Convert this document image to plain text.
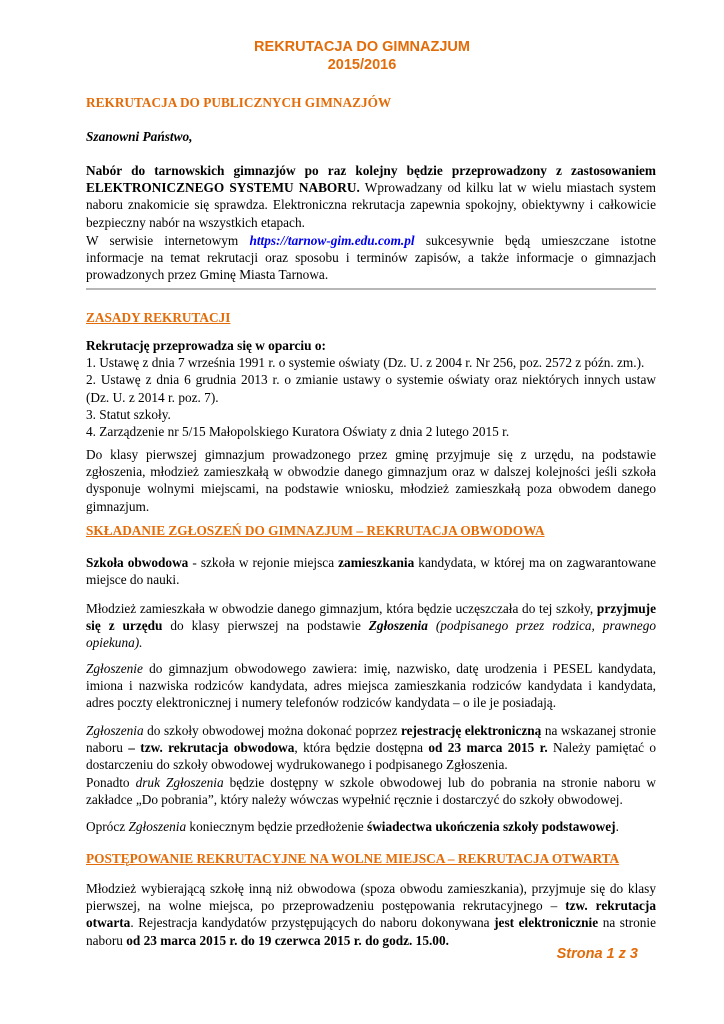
REKRUTACJA DO GIMNAZJUM
2015/2016
REKRUTACJA DO PUBLICZNYCH GIMNAZJÓW
Szanowni Państwo,

Nabór do tarnowskich gimnazjów po raz kolejny będzie przeprowadzony z zastosowaniem ELEKTRONICZNEGO SYSTEMU NABORU. Wprowadzany od kilku lat w wielu miastach system naboru znakomicie się sprawdza. Elektroniczna rekrutacja zapewnia spokojny, obiektywny i całkowicie bezpieczny nabór na wszystkich etapach.

W serwisie internetowym https://tarnow-gim.edu.com.pl sukcesywnie będą umieszczane istotne informacje na temat rekrutacji oraz sposobu i terminów zapisów, a także informacje o gimnazjach prowadzonych przez Gminę Miasta Tarnowa.

ZASADY REKRUTACJI
Rekrutację przeprowadza się w oparciu o:
1. Ustawę z dnia 7 września 1991 r. o systemie oświaty (Dz. U. z 2004 r. Nr 256, poz. 2572 z późn. zm.).
2. Ustawę z dnia 6 grudnia 2013 r. o zmianie ustawy o systemie oświaty oraz niektórych innych ustaw (Dz. U. z 2014 r. poz. 7).
3. Statut szkoły.
4. Zarządzenie nr 5/15 Małopolskiego Kuratora Oświaty z dnia 2 lutego 2015 r.

Do klasy pierwszej gimnazjum prowadzonego przez gminę przyjmuje się z urzędu, na podstawie zgłoszenia, młodzież zamieszkałą w obwodzie danego gimnazjum oraz w dalszej kolejności jeśli szkoła dysponuje wolnymi miejscami, na podstawie wniosku, młodzież zamieszkałą poza obwodem danego gimnazjum.

SKŁADANIE ZGŁOSZEŃ DO GIMNAZJUM – REKRUTACJA OBWODOWA

Szkoła obwodowa - szkoła w rejonie miejsca zamieszkania kandydata, w której ma on zagwarantowane miejsce do nauki.

Młodzież zamieszkała w obwodzie danego gimnazjum, która będzie uczęszczała do tej szkoły, przyjmuje się z urzędu do klasy pierwszej na podstawie Zgłoszenia (podpisanego przez rodzica, prawnego opiekuna).

Zgłoszenie do gimnazjum obwodowego zawiera: imię, nazwisko, datę urodzenia i PESEL kandydata, imiona i nazwiska rodziców kandydata, adres miejsca zamieszkania rodziców kandydata i kandydata, adres poczty elektronicznej i numery telefonów rodziców kandydata – o ile je posiadają.

Zgłoszenia do szkoły obwodowej można dokonać poprzez rejestrację elektroniczną na wskazanej stronie naboru – tzw. rekrutacja obwodowa, która będzie dostępna od 23 marca 2015 r. Należy pamiętać o dostarczeniu do szkoły obwodowej wydrukowanego i podpisanego Zgłoszenia.

Ponadto druk Zgłoszenia będzie dostępny w szkole obwodowej lub do pobrania na stronie naboru w zakładce „Do pobrania”, który należy wówczas wypełnić ręcznie i dostarczyć do szkoły obwodowej.

Oprócz Zgłoszenia koniecznym będzie przedłożenie świadectwa ukończenia szkoły podstawowej.

POSTĘPOWANIE REKRUTACYJNE NA WOLNE MIEJSCA – REKRUTACJA OTWARTA

Młodzież wybierającą szkołę inną niż obwodowa (spoza obwodu zamieszkania), przyjmuje się do klasy pierwszej, na wolne miejsca, po przeprowadzeniu postępowania rekrutacyjnego – tzw. rekrutacja otwarta. Rejestracja kandydatów przystępujących do naboru dokonywana jest elektronicznie na stronie naboru od 23 marca 2015 r. do 19 czerwca 2015 r. do godz. 15.00.

Strona 1 z 3
